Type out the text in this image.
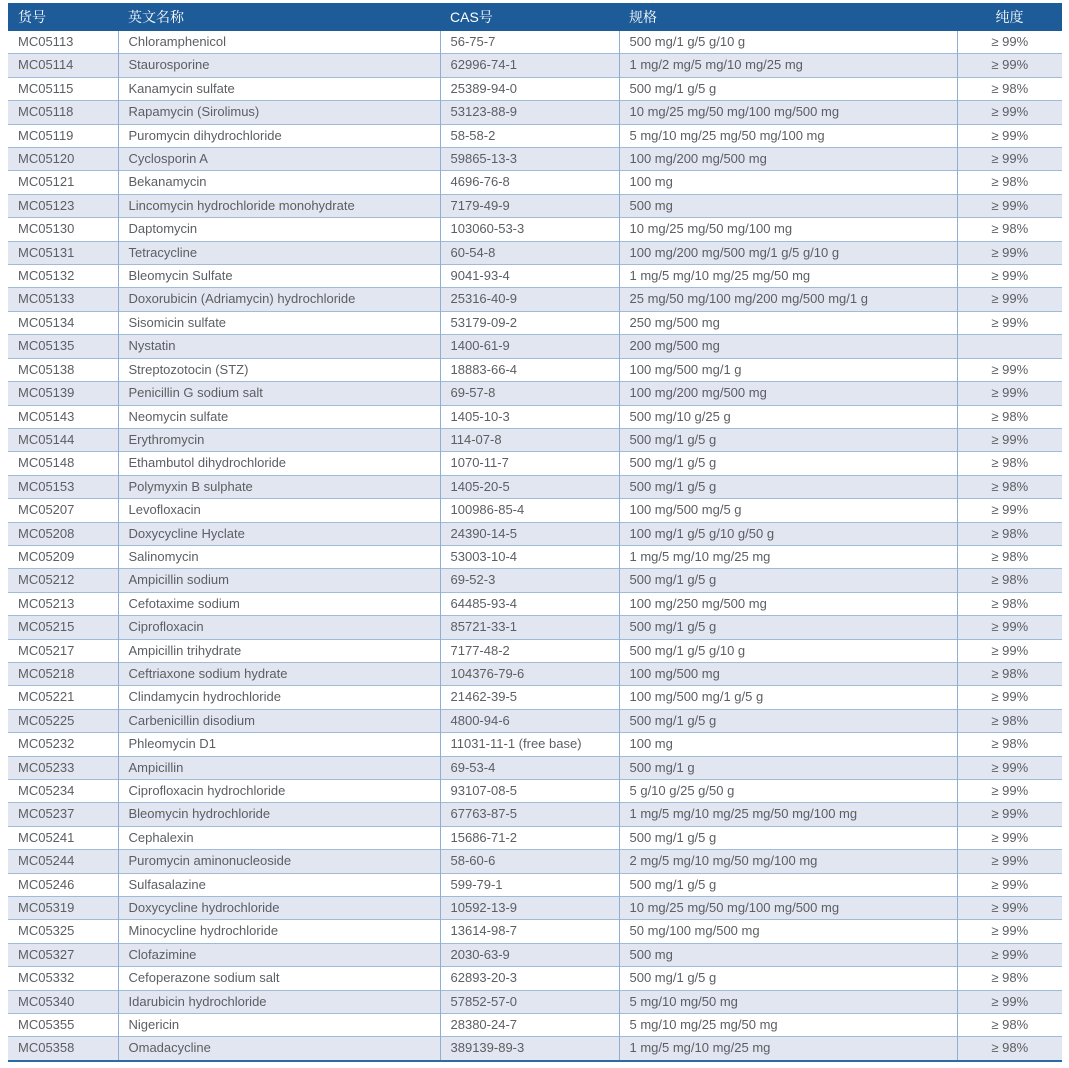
货号	英文名称	CAS号	规格	纯度
MC05113	Chloramphenicol	56-75-7	500 mg/1 g/5 g/10 g	≥ 99%
MC05114	Staurosporine	62996-74-1	1 mg/2 mg/5 mg/10 mg/25 mg	≥ 99%
MC05115	Kanamycin sulfate	25389-94-0	500 mg/1 g/5 g	≥ 98%
MC05118	Rapamycin (Sirolimus)	53123-88-9	10 mg/25 mg/50 mg/100 mg/500 mg	≥ 99%
MC05119	Puromycin dihydrochloride	58-58-2	5 mg/10 mg/25 mg/50 mg/100 mg	≥ 99%
MC05120	Cyclosporin A	59865-13-3	100 mg/200 mg/500 mg	≥ 99%
MC05121	Bekanamycin	4696-76-8	100 mg	≥ 98%
MC05123	Lincomycin hydrochloride monohydrate	7179-49-9	500 mg	≥ 99%
MC05130	Daptomycin	103060-53-3	10 mg/25 mg/50 mg/100 mg	≥ 98%
MC05131	Tetracycline	60-54-8	100 mg/200 mg/500 mg/1 g/5 g/10 g	≥ 99%
MC05132	Bleomycin Sulfate	9041-93-4	1 mg/5 mg/10 mg/25 mg/50 mg	≥ 99%
MC05133	Doxorubicin (Adriamycin) hydrochloride	25316-40-9	25 mg/50 mg/100 mg/200 mg/500 mg/1 g	≥ 99%
MC05134	Sisomicin sulfate	53179-09-2	250 mg/500 mg	≥ 99%
MC05135	Nystatin	1400-61-9	200 mg/500 mg	
MC05138	Streptozotocin (STZ)	18883-66-4	100 mg/500 mg/1 g	≥ 99%
MC05139	Penicillin G sodium salt	69-57-8	100 mg/200 mg/500 mg	≥ 99%
MC05143	Neomycin sulfate	1405-10-3	500 mg/10 g/25 g	≥ 98%
MC05144	Erythromycin	114-07-8	500 mg/1 g/5 g	≥ 99%
MC05148	Ethambutol dihydrochloride	1070-11-7	500 mg/1 g/5 g	≥ 98%
MC05153	Polymyxin B sulphate	1405-20-5	500 mg/1 g/5 g	≥ 98%
MC05207	Levofloxacin	100986-85-4	100 mg/500 mg/5 g	≥ 99%
MC05208	Doxycycline Hyclate	24390-14-5	100 mg/1 g/5 g/10 g/50 g	≥ 98%
MC05209	Salinomycin	53003-10-4	1 mg/5 mg/10 mg/25 mg	≥ 98%
MC05212	Ampicillin sodium	69-52-3	500 mg/1 g/5 g	≥ 98%
MC05213	Cefotaxime sodium	64485-93-4	100 mg/250 mg/500 mg	≥ 98%
MC05215	Ciprofloxacin	85721-33-1	500 mg/1 g/5 g	≥ 99%
MC05217	Ampicillin trihydrate	7177-48-2	500 mg/1 g/5 g/10 g	≥ 99%
MC05218	Ceftriaxone sodium hydrate	104376-79-6	100 mg/500 mg	≥ 98%
MC05221	Clindamycin hydrochloride	21462-39-5	100 mg/500 mg/1 g/5 g	≥ 99%
MC05225	Carbenicillin disodium	4800-94-6	500 mg/1 g/5 g	≥ 98%
MC05232	Phleomycin D1	11031-11-1 (free base)	100 mg	≥ 98%
MC05233	Ampicillin	69-53-4	500 mg/1 g	≥ 99%
MC05234	Ciprofloxacin hydrochloride	93107-08-5	5 g/10 g/25 g/50 g	≥ 99%
MC05237	Bleomycin hydrochloride	67763-87-5	1 mg/5 mg/10 mg/25 mg/50 mg/100 mg	≥ 99%
MC05241	Cephalexin	15686-71-2	500 mg/1 g/5 g	≥ 99%
MC05244	Puromycin aminonucleoside	58-60-6	2 mg/5 mg/10 mg/50 mg/100 mg	≥ 99%
MC05246	Sulfasalazine	599-79-1	500 mg/1 g/5 g	≥ 99%
MC05319	Doxycycline hydrochloride	10592-13-9	10 mg/25 mg/50 mg/100 mg/500 mg	≥ 99%
MC05325	Minocycline hydrochloride	13614-98-7	50 mg/100 mg/500 mg	≥ 99%
MC05327	Clofazimine	2030-63-9	500 mg	≥ 99%
MC05332	Cefoperazone sodium salt	62893-20-3	500 mg/1 g/5 g	≥ 98%
MC05340	Idarubicin hydrochloride	57852-57-0	5 mg/10 mg/50 mg	≥ 99%
MC05355	Nigericin	28380-24-7	5 mg/10 mg/25 mg/50 mg	≥ 98%
MC05358	Omadacycline	389139-89-3	1 mg/5 mg/10 mg/25 mg	≥ 98%
